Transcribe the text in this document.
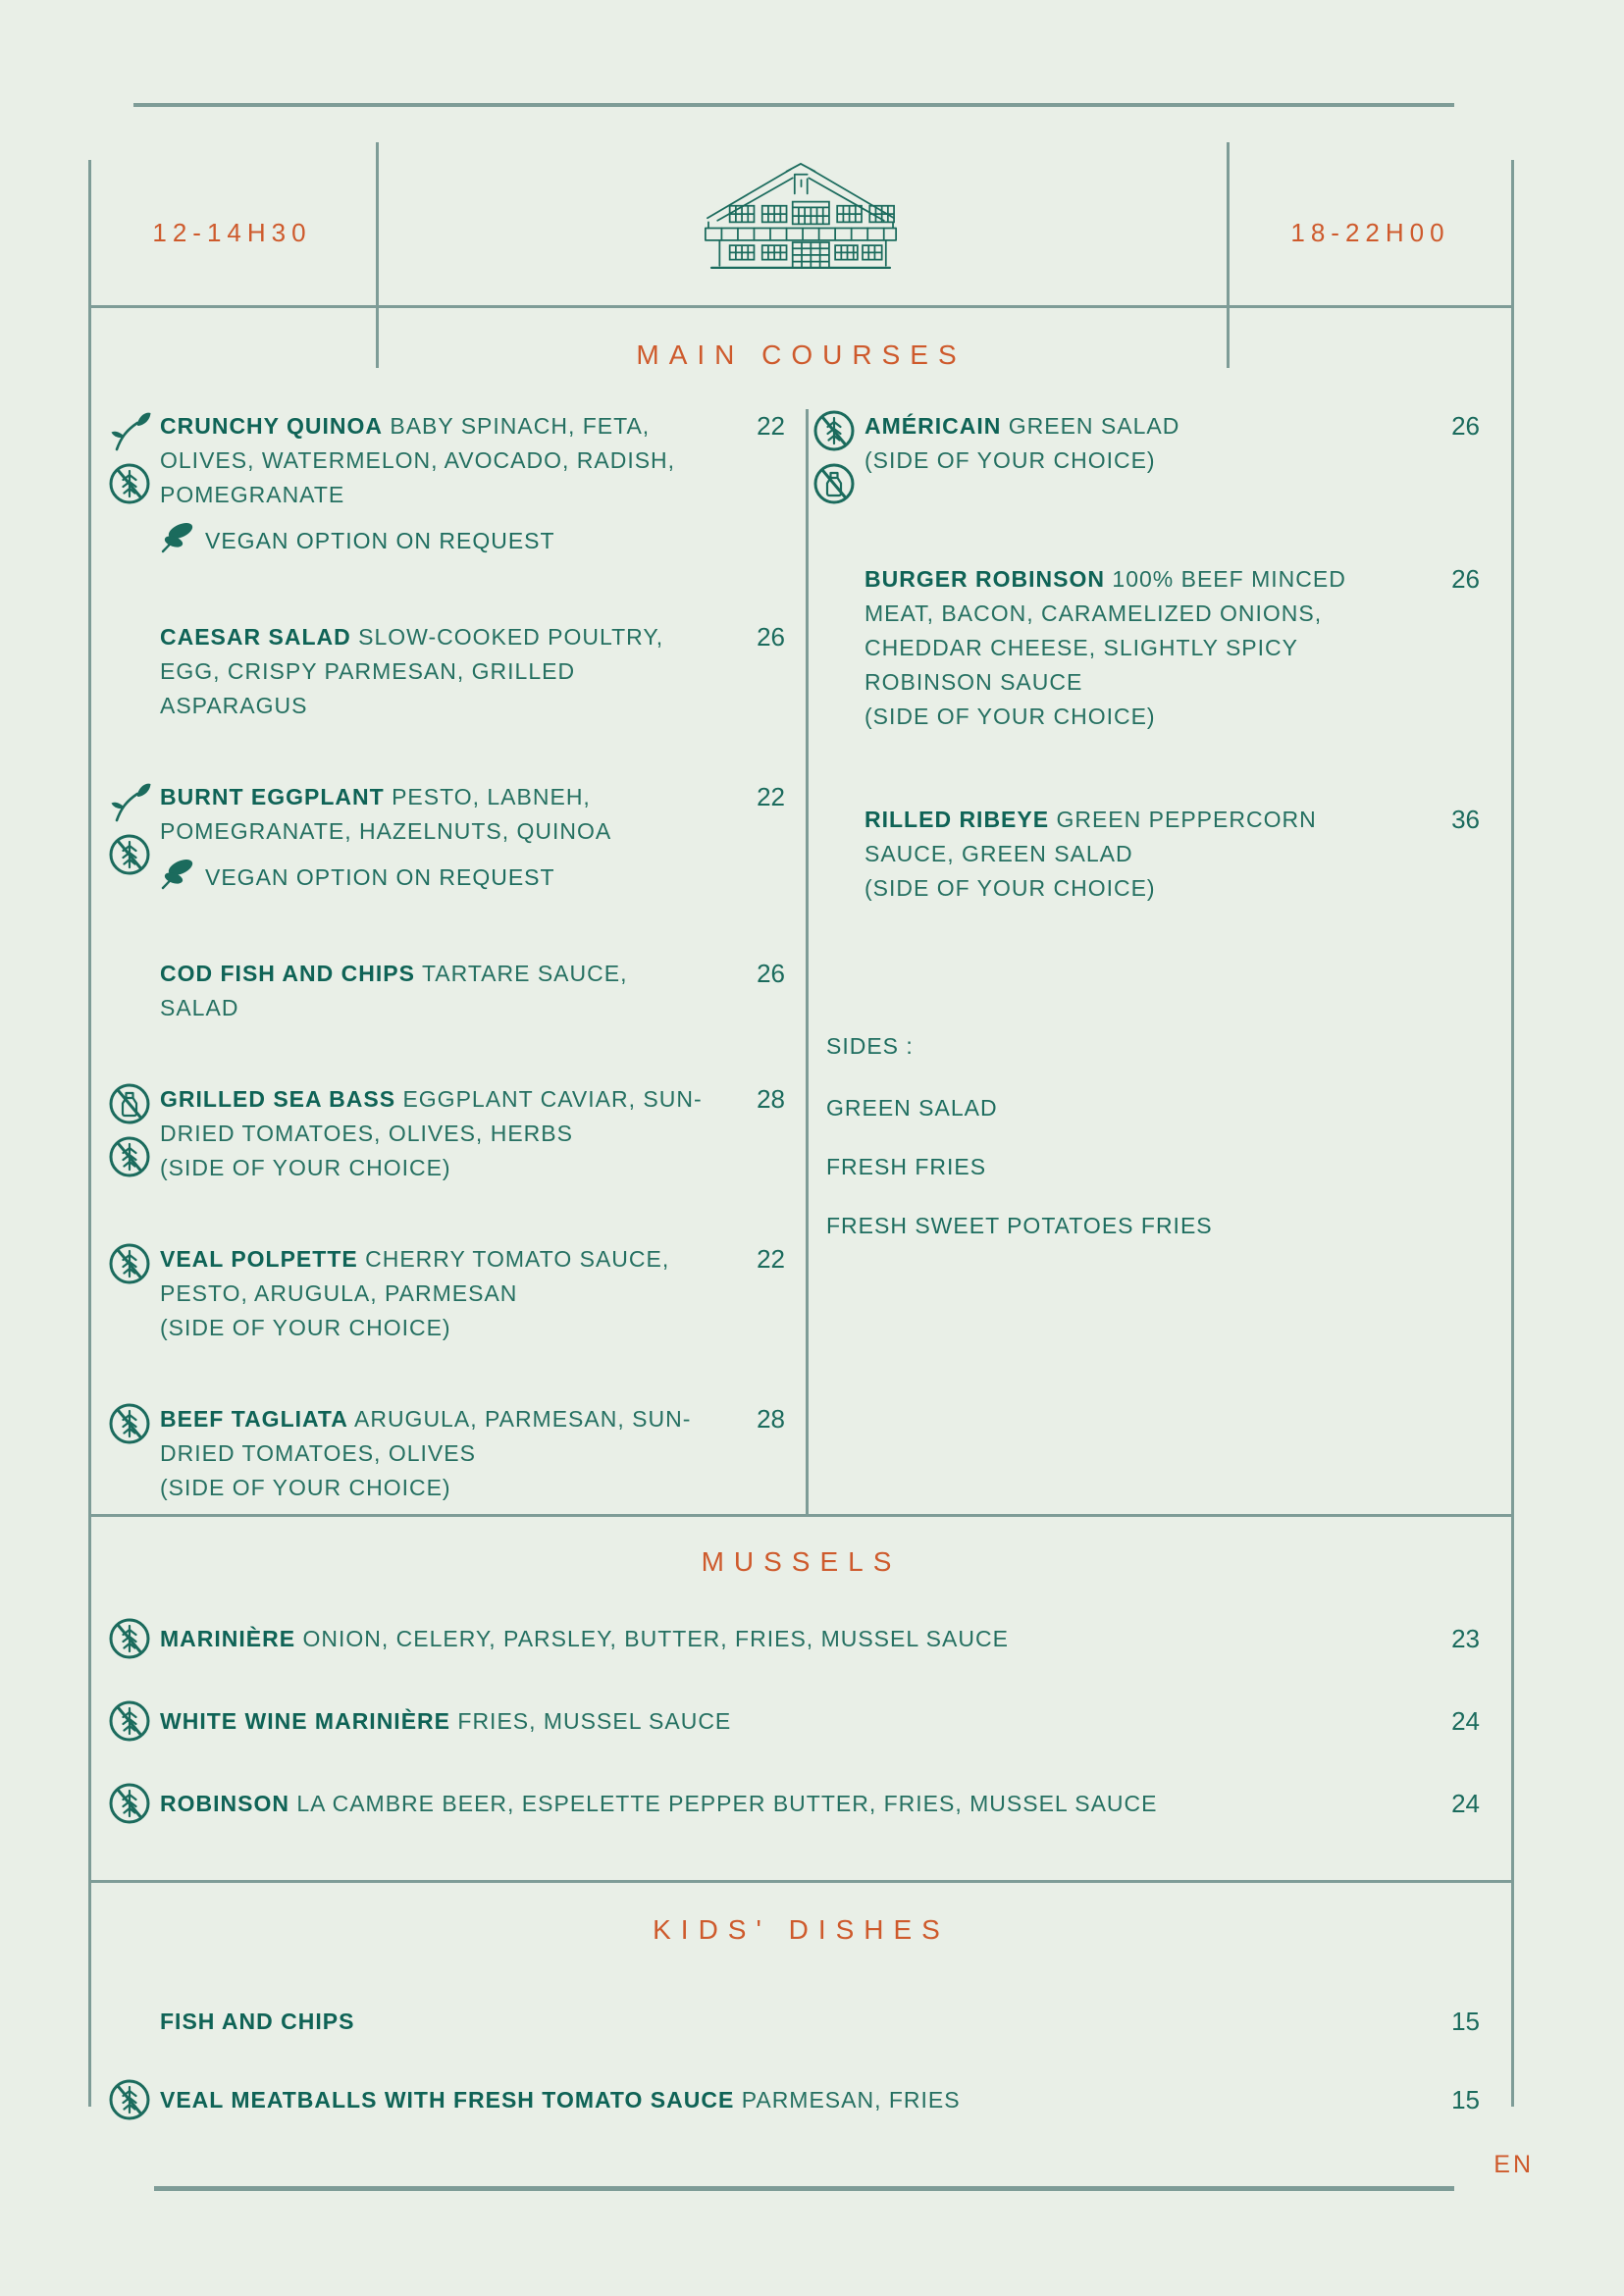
12-14H30	18-22H00
MAIN COURSES
CRUNCHY QUINOA BABY SPINACH, FETA, OLIVES, WATERMELON, AVOCADO, RADISH, POMEGRANATE
VEGAN OPTION ON REQUEST
22
CAESAR SALAD SLOW-COOKED POULTRY, EGG, CRISPY PARMESAN, GRILLED ASPARAGUS
26
BURNT EGGPLANT PESTO, LABNEH, POMEGRANATE, HAZELNUTS, QUINOA
VEGAN OPTION ON REQUEST
22
COD FISH AND CHIPS TARTARE SAUCE, SALAD
26
GRILLED SEA BASS EGGPLANT CAVIAR, SUN-DRIED TOMATOES, OLIVES, HERBS
(SIDE OF YOUR CHOICE)
28
VEAL POLPETTE CHERRY TOMATO SAUCE, PESTO, ARUGULA, PARMESAN
(SIDE OF YOUR CHOICE)
22
BEEF TAGLIATA ARUGULA, PARMESAN, SUN-DRIED TOMATOES, OLIVES
(SIDE OF YOUR CHOICE)
28
AMÉRICAIN GREEN SALAD
(SIDE OF YOUR CHOICE)
26
BURGER ROBINSON 100% BEEF MINCED MEAT, BACON, CARAMELIZED ONIONS, CHEDDAR CHEESE, SLIGHTLY SPICY ROBINSON SAUCE
(SIDE OF YOUR CHOICE)
26
RILLED RIBEYE GREEN PEPPERCORN SAUCE, GREEN SALAD
(SIDE OF YOUR CHOICE)
36

SIDES :

GREEN SALAD

FRESH FRIES

FRESH SWEET POTATOES FRIES

MUSSELS
MARINIÈRE ONION, CELERY, PARSLEY, BUTTER, FRIES, MUSSEL SAUCE	23
WHITE WINE MARINIÈRE FRIES, MUSSEL SAUCE	24
ROBINSON LA CAMBRE BEER, ESPELETTE PEPPER BUTTER, FRIES, MUSSEL SAUCE	24
KIDS' DISHES
FISH AND CHIPS	15
VEAL MEATBALLS WITH FRESH TOMATO SAUCE PARMESAN, FRIES	15
EN
